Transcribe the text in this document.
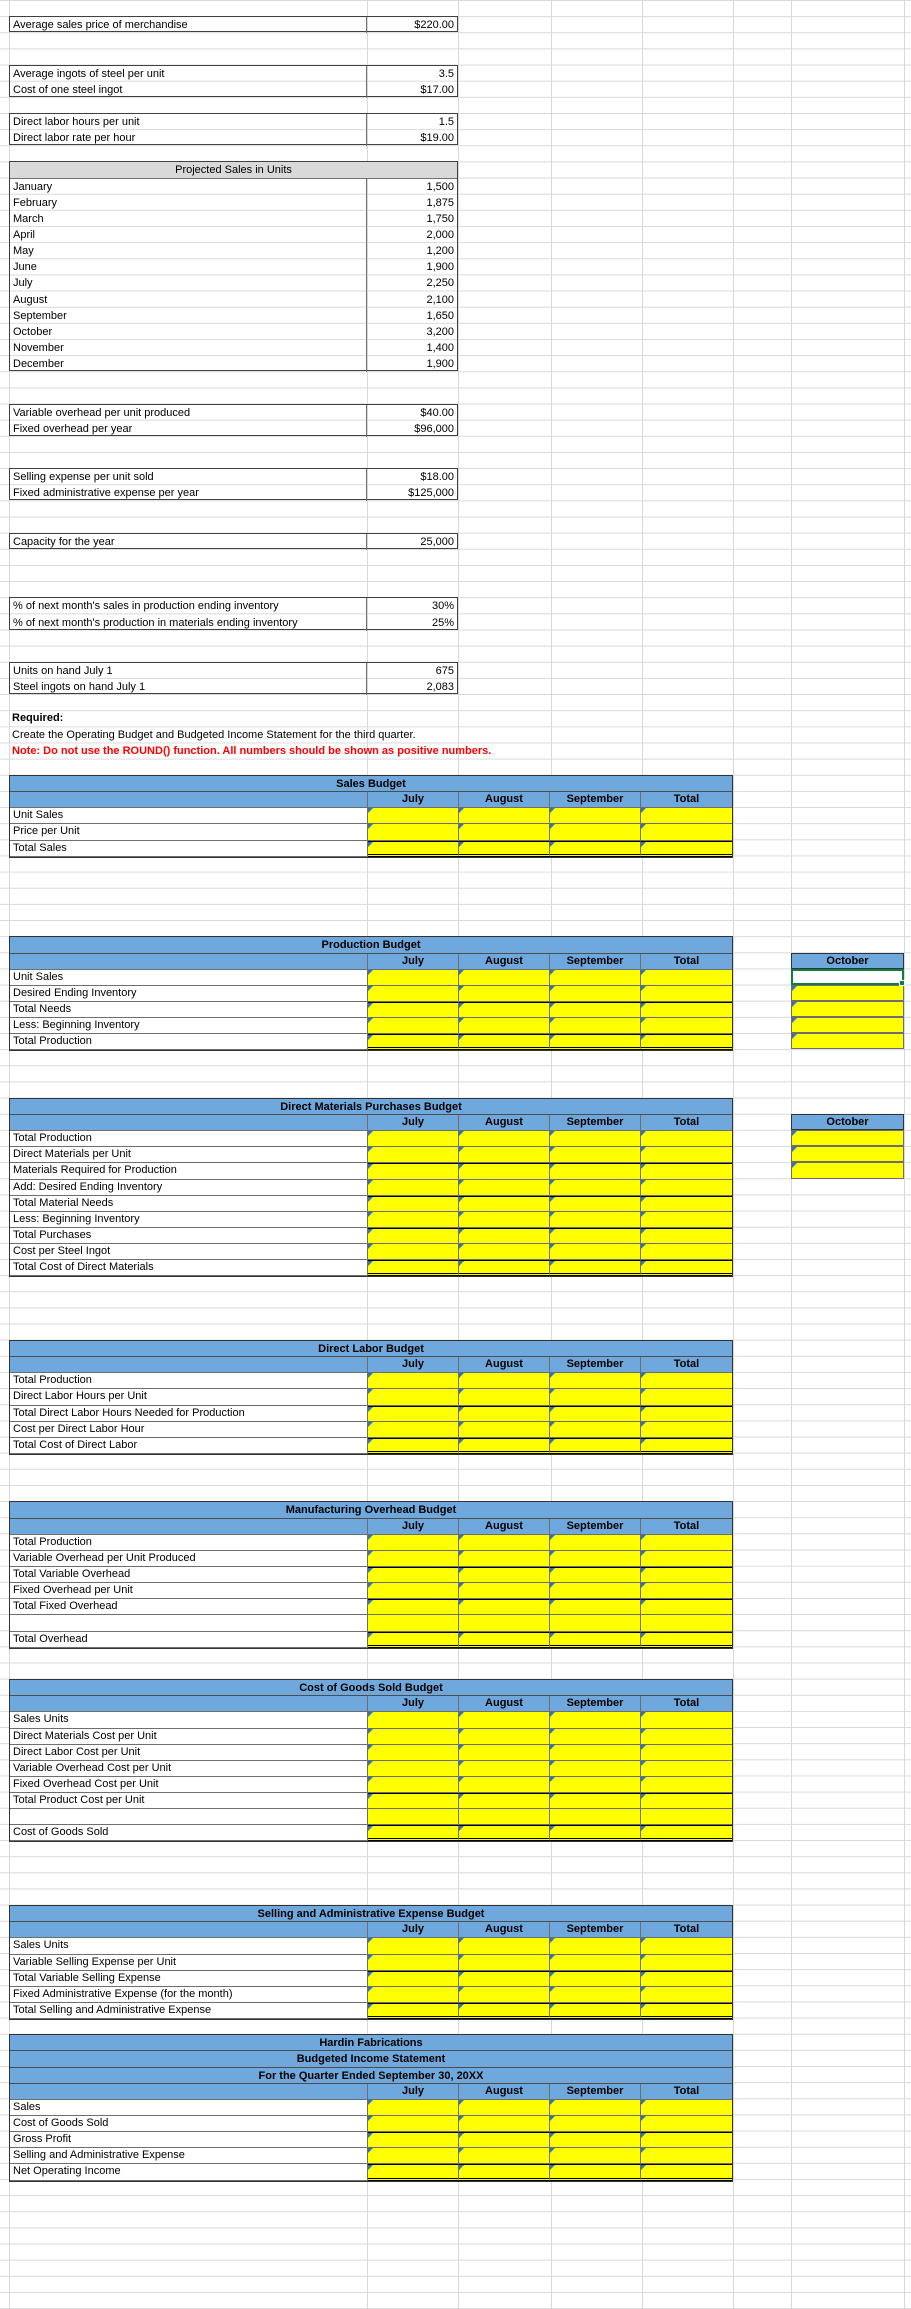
Average sales price of merchandise	$220.00
Average ingots of steel per unit	3.5
Cost of one steel ingot	$17.00
Direct labor hours per unit	1.5
Direct labor rate per hour	$19.00
Projected Sales in Units
January	1,500
February	1,875
March	1,750
April	2,000
May	1,200
June	1,900
July	2,250
August	2,100
September	1,650
October	3,200
November	1,400
December	1,900
Variable overhead per unit produced	$40.00
Fixed overhead per year	$96,000
Selling expense per unit sold	$18.00
Fixed administrative expense per year	$125,000
Capacity for the year	25,000
% of next month's sales in production ending inventory	30%
% of next month's production in materials ending inventory	25%
Units on hand July 1	675
Steel ingots on hand July 1	2,083
Required:
Create the Operating Budget and Budgeted Income Statement for the third quarter.
Note: Do not use the ROUND() function. All numbers should be shown as positive numbers.
Sales Budget
July	August	September	Total
Unit Sales
Price per Unit
Total Sales
Production Budget
July	August	September	Total
Unit Sales
Desired Ending Inventory
Total Needs
Less: Beginning Inventory
Total Production
October
Direct Materials Purchases Budget
July	August	September	Total
Total Production
Direct Materials per Unit
Materials Required for Production
Add: Desired Ending Inventory
Total Material Needs
Less: Beginning Inventory
Total Purchases
Cost per Steel Ingot
Total Cost of Direct Materials
October
Direct Labor Budget
July	August	September	Total
Total Production
Direct Labor Hours per Unit
Total Direct Labor Hours Needed for Production
Cost per Direct Labor Hour
Total Cost of Direct Labor
Manufacturing Overhead Budget
July	August	September	Total
Total Production
Variable Overhead per Unit Produced
Total Variable Overhead
Fixed Overhead per Unit
Total Fixed Overhead
Total Overhead
Cost of Goods Sold Budget
July	August	September	Total
Sales Units
Direct Materials Cost per Unit
Direct Labor Cost per Unit
Variable Overhead Cost per Unit
Fixed Overhead Cost per Unit
Total Product Cost per Unit
Cost of Goods Sold
Selling and Administrative Expense Budget
July	August	September	Total
Sales Units
Variable Selling Expense per Unit
Total Variable Selling Expense
Fixed Administrative Expense (for the month)
Total Selling and Administrative Expense
Hardin Fabrications
Budgeted Income Statement
For the Quarter Ended September 30, 20XX
July	August	September	Total
Sales
Cost of Goods Sold
Gross Profit
Selling and Administrative Expense
Net Operating Income
